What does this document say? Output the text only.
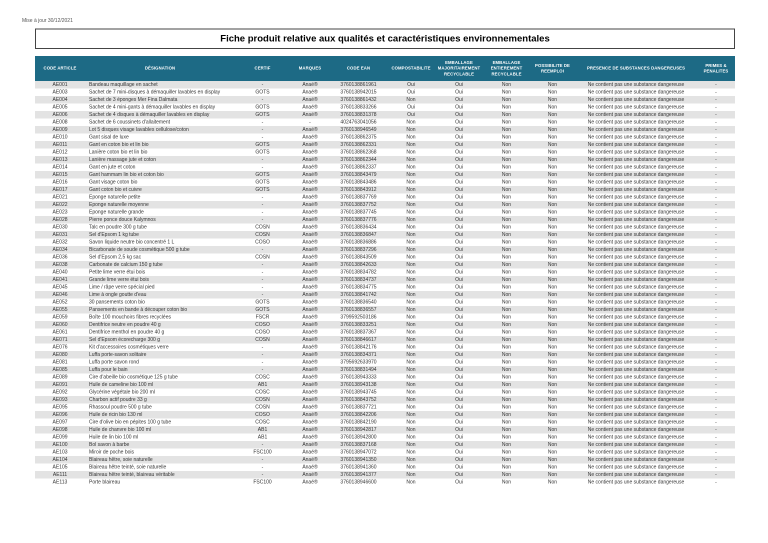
Mise à jour 30/12/2021
Fiche produit relative aux qualités et caractéristiques environnementales
CODE ARTICLE	DÉSIGNATION	CERTIF	MARQUES	CODE EAN	COMPOSTABILITE	EMBALLAGE MAJORITAIREMENT RECYCLABLE	EMBALLAGE ENTIEREMENT RECYCLABLE	POSSIBILITE DE REEMPLOI	PRESENCE DE SUBSTANCES DANGEREUSES	PRIMES & PENALITES
AE001	Bandeau maquillage en sachet	-	Anaé®	3760138861961	Oui	Oui	Non	Non	Ne contient pas une substance dangereuse	-
AE003	Sachet de 7 mini-disques à démaquiller lavables en display	GOTS	Anaé®	3760138942015	Oui	Oui	Non	Non	Ne contient pas une substance dangereuse	-
AE004	Sachet de 3 éponges Mer Fina Dalmata	-	Anaé®	3760138861432	Non	Oui	Non	Non	Ne contient pas une substance dangereuse	-
AE005	Sachet de 4 mini-gants à démaquiller lavables en display	GOTS	Anaé®	3760138833266	Oui	Oui	Non	Non	Ne contient pas une substance dangereuse	-
AE006	Sachet de 4 disques à démaquiller lavables en display	GOTS	Anaé®	3760138831378	Oui	Oui	Non	Non	Ne contient pas une substance dangereuse	-
AE008	Sachet de 6 coussinets d'allaitement	-	-	4024763041056	Non	Oui	Non	Non	Ne contient pas une substance dangereuse	-
AE009	Lot 5 disques visage lavables cellulose/coton	-	Anaé®	3760138946549	Non	Oui	Non	Non	Ne contient pas une substance dangereuse	-
AE010	Gant sisal de luxe	-	Anaé®	3760138862375	Non	Oui	Non	Non	Ne contient pas une substance dangereuse	-
AE011	Gant en coton bio et lin bio	GOTS	Anaé®	3760138862331	Non	Oui	Non	Non	Ne contient pas une substance dangereuse	-
AE012	Lanière coton bio et lin bio	GOTS	Anaé®	3760138862368	Non	Oui	Non	Non	Ne contient pas une substance dangereuse	-
AE013	Lanière massage jute et coton	-	Anaé®	3760138862344	Non	Oui	Non	Non	Ne contient pas une substance dangereuse	-
AE014	Gant en jute et coton	-	Anaé®	3760138862337	Non	Oui	Non	Non	Ne contient pas une substance dangereuse	-
AE015	Gant hammam lin bio et coton bio	GOTS	Anaé®	3760138843479	Non	Oui	Non	Non	Ne contient pas une substance dangereuse	-
AE016	Gant visage coton bio	GOTS	Anaé®	3760138843486	Non	Oui	Non	Non	Ne contient pas une substance dangereuse	-
AE017	Gant coton bio et cuivre	GOTS	Anaé®	3760138843912	Non	Oui	Non	Non	Ne contient pas une substance dangereuse	-
AE021	Eponge naturelle petite	-	Anaé®	3760138837769	Non	Oui	Non	Non	Ne contient pas une substance dangereuse	-
AE022	Eponge naturelle moyenne	-	Anaé®	3760138837752	Non	Oui	Non	Non	Ne contient pas une substance dangereuse	-
AE023	Eponge naturelle grande	-	Anaé®	3760138837745	Non	Oui	Non	Non	Ne contient pas une substance dangereuse	-
AE028	Pierre ponce douce Kalymnos	-	Anaé®	3760138837776	Non	Oui	Non	Non	Ne contient pas une substance dangereuse	-
AE030	Talc en poudre 300 g tube	COSN	Anaé®	3760138836434	Non	Oui	Non	Non	Ne contient pas une substance dangereuse	-
AE031	Sel d'Epsom 1 kg tube	COSN	Anaé®	3760138836847	Non	Oui	Non	Non	Ne contient pas une substance dangereuse	-
AE032	Savon liquide neutre bio concentré 1 L	COSO	Anaé®	3760138836886	Non	Oui	Non	Non	Ne contient pas une substance dangereuse	-
AE034	Bicarbonate de soude cosmétique 500 g tube	-	Anaé®	3760138837296	Non	Oui	Non	Non	Ne contient pas une substance dangereuse	-
AE036	Sel d'Epsom 2,5 kg sac	COSN	Anaé®	3760138843509	Non	Oui	Non	Non	Ne contient pas une substance dangereuse	-
AE038	Carbonate de calcium 150 g tube	-	Anaé®	3760138842633	Non	Oui	Non	Non	Ne contient pas une substance dangereuse	-
AE040	Petite lime verre étui bois	-	Anaé®	3760138834782	Non	Oui	Non	Non	Ne contient pas une substance dangereuse	-
AE041	Grande lime verre étui bois	-	Anaé®	3760138834737	Non	Oui	Non	Non	Ne contient pas une substance dangereuse	-
AE045	Lime / râpe verre spécial pied	-	Anaé®	3760138834775	Non	Oui	Non	Non	Ne contient pas une substance dangereuse	-
AE046	Lime à ongle goutte d'eau	-	Anaé®	3760138841742	Non	Oui	Non	Non	Ne contient pas une substance dangereuse	-
AE052	30 pansements coton bio	GOTS	Anaé®	3760138836540	Non	Oui	Non	Non	Ne contient pas une substance dangereuse	-
AE055	Pansements en bande à découper coton bio	GOTS	Anaé®	3760138836557	Non	Oui	Non	Non	Ne contient pas une substance dangereuse	-
AE059	Boîte 100 mouchoirs fibres recyclées	FSCR	Anaé®	3799592503186	Non	Oui	Non	Non	Ne contient pas une substance dangereuse	-
AE060	Dentifrice neutre en poudre 40 g	COSO	Anaé®	3760138833251	Non	Oui	Non	Non	Ne contient pas une substance dangereuse	-
AE061	Dentifrice menthol en poudre 40 g	COSO	Anaé®	3760138837367	Non	Oui	Non	Non	Ne contient pas une substance dangereuse	-
AE071	Sel d'Epsom écorecharge 300 g	COSN	Anaé®	3760138846617	Non	Oui	Non	Non	Ne contient pas une substance dangereuse	-
AE076	Kit d'accessoires cosmétiques verre	-	Anaé®	3760138842176	Non	Oui	Non	Non	Ne contient pas une substance dangereuse	-
AE080	Luffa porte-savon solitaire	-	Anaé®	3760138834371	Non	Oui	Non	Non	Ne contient pas une substance dangereuse	-
AE081	Luffa porte savon rond	-	Anaé®	3795692633970	Non	Oui	Non	Non	Ne contient pas une substance dangereuse	-
AE085	Luffa pour le bain	-	Anaé®	3760138831494	Non	Oui	Non	Non	Ne contient pas une substance dangereuse	-
AE089	Cire d'abeille bio cosmétique 125 g tube	COSC	Anaé®	3760138943333	Non	Oui	Non	Non	Ne contient pas une substance dangereuse	-
AE091	Huile de cameline bio 100 ml	AB1	Anaé®	3760138943138	Non	Oui	Non	Non	Ne contient pas une substance dangereuse	-
AE092	Glycérine végétale bio 200 ml	COSC	Anaé®	3760138943745	Non	Oui	Non	Non	Ne contient pas une substance dangereuse	-
AE093	Charbon actif poudre 33 g	COSN	Anaé®	3760138843752	Non	Oui	Non	Non	Ne contient pas une substance dangereuse	-
AE095	Rhassoul poudre 500 g tube	COSN	Anaé®	3760138837721	Non	Oui	Non	Non	Ne contient pas une substance dangereuse	-
AE096	Huile de ricin bio 130 ml	COSO	Anaé®	3760138842206	Non	Oui	Non	Non	Ne contient pas une substance dangereuse	-
AE097	Cire d'olive bio en pépites 100 g tube	COSC	Anaé®	3760138842190	Non	Oui	Non	Non	Ne contient pas une substance dangereuse	-
AE098	Huile de chanvre bio 100 ml	AB1	Anaé®	3760138942817	Non	Oui	Non	Non	Ne contient pas une substance dangereuse	-
AE099	Huile de lin bio 100 ml	AB1	Anaé®	3760138942800	Non	Oui	Non	Non	Ne contient pas une substance dangereuse	-
AE100	Bol savon à barbe	-	Anaé®	3760138837168	Non	Oui	Non	Non	Ne contient pas une substance dangereuse	-
AE103	Miroir de poche bois	FSC100	Anaé®	3760138947072	Non	Oui	Non	Non	Ne contient pas une substance dangereuse	-
AE104	Blaireau hêtre, soie naturelle	-	Anaé®	3760138941350	Non	Oui	Non	Non	Ne contient pas une substance dangereuse	-
AE105	Blaireau hêtre teinté, soie naturelle	-	Anaé®	3760138941360	Non	Oui	Non	Non	Ne contient pas une substance dangereuse	-
AE111	Blaireau hêtre teinté, blaireau véritable	-	Anaé®	3760138941377	Non	Oui	Non	Non	Ne contient pas une substance dangereuse	-
AE113	Porte blaireau	FSC100	Anaé®	3760138946600	Non	Oui	Non	Non	Ne contient pas une substance dangereuse	-
